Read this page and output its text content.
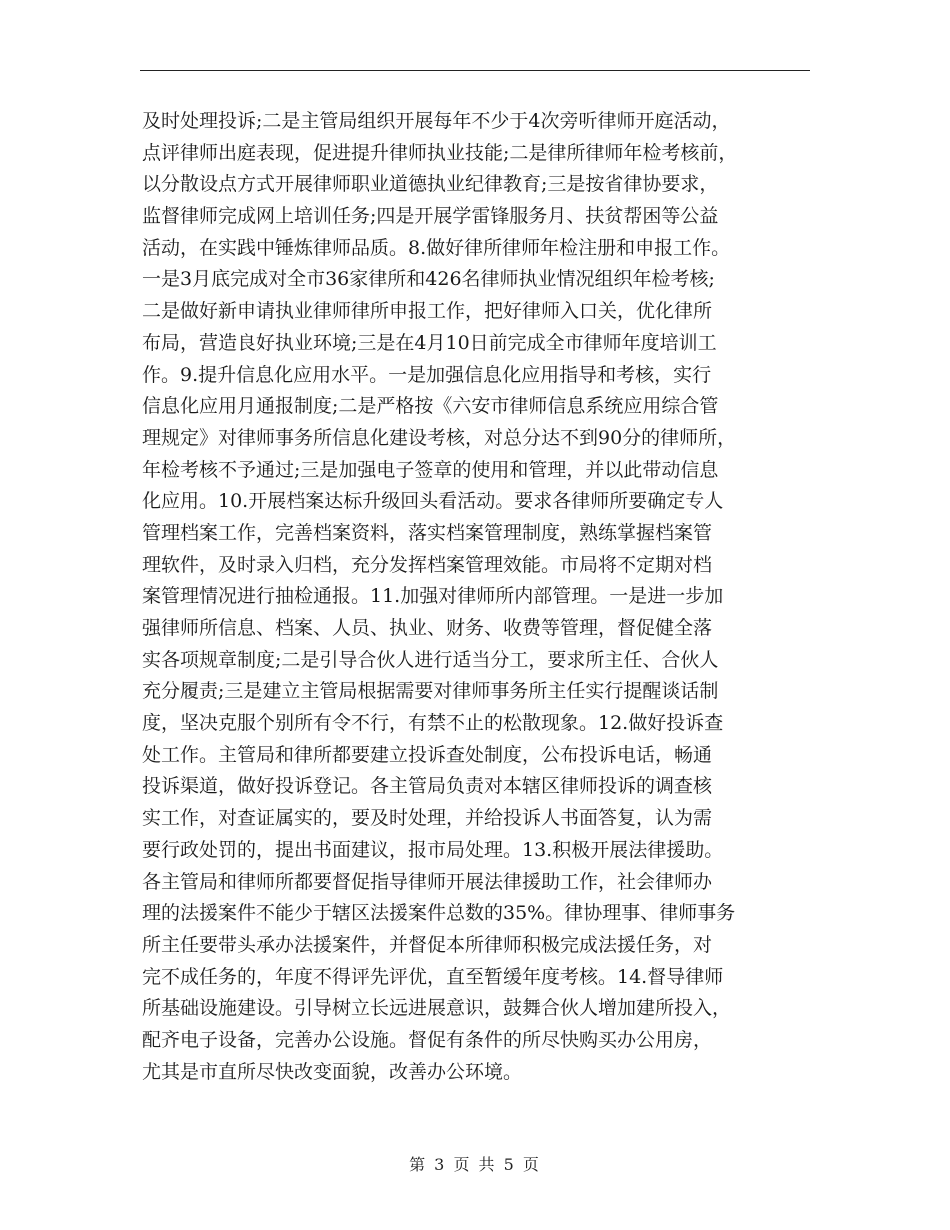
及时处理投诉;二是主管局组织开展每年不少于4次旁听律师开庭活动，
点评律师出庭表现，促进提升律师执业技能;二是律所律师年检考核前，
以分散设点方式开展律师职业道德执业纪律教育;三是按省律协要求，
监督律师完成网上培训任务;四是开展学雷锋服务月、扶贫帮困等公益
活动，在实践中锤炼律师品质。8.做好律所律师年检注册和申报工作。
一是3月底完成对全市36家律所和426名律师执业情况组织年检考核;
二是做好新申请执业律师律所申报工作，把好律师入口关，优化律所
布局，营造良好执业环境;三是在4月10日前完成全市律师年度培训工
作。9.提升信息化应用水平。一是加强信息化应用指导和考核，实行
信息化应用月通报制度;二是严格按《六安市律师信息系统应用综合管
理规定》对律师事务所信息化建设考核，对总分达不到90分的律师所，
年检考核不予通过;三是加强电子签章的使用和管理，并以此带动信息
化应用。10.开展档案达标升级回头看活动。要求各律师所要确定专人
管理档案工作，完善档案资料，落实档案管理制度，熟练掌握档案管
理软件，及时录入归档，充分发挥档案管理效能。市局将不定期对档
案管理情况进行抽检通报。11.加强对律师所内部管理。一是进一步加
强律师所信息、档案、人员、执业、财务、收费等管理，督促健全落
实各项规章制度;二是引导合伙人进行适当分工，要求所主任、合伙人
充分履责;三是建立主管局根据需要对律师事务所主任实行提醒谈话制
度，坚决克服个别所有令不行，有禁不止的松散现象。12.做好投诉查
处工作。主管局和律所都要建立投诉查处制度，公布投诉电话，畅通
投诉渠道，做好投诉登记。各主管局负责对本辖区律师投诉的调查核
实工作，对查证属实的，要及时处理，并给投诉人书面答复，认为需
要行政处罚的，提出书面建议，报市局处理。13.积极开展法律援助。
各主管局和律师所都要督促指导律师开展法律援助工作，社会律师办
理的法援案件不能少于辖区法援案件总数的35%。律协理事、律师事务
所主任要带头承办法援案件，并督促本所律师积极完成法援任务，对
完不成任务的，年度不得评先评优，直至暂缓年度考核。14.督导律师
所基础设施建设。引导树立长远进展意识，鼓舞合伙人增加建所投入，
配齐电子设备，完善办公设施。督促有条件的所尽快购买办公用房，
尤其是市直所尽快改变面貌，改善办公环境。
第 3 页 共 5 页
